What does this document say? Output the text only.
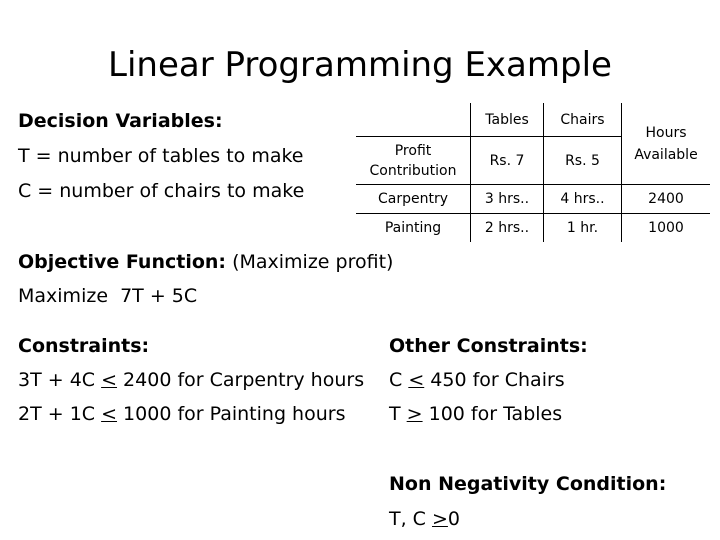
Linear Programming Example
Decision Variables:
T = number of tables to make
C = number of chairs to make
	Tables	Chairs	Hours Available

Profit Contribution	Rs. 7	Rs. 5	
Carpentry	3 hrs..	4 hrs..	2400
Painting	2 hrs..	1 hr.	1000
Objective Function: (Maximize profit)
Maximize  7T + 5C
Constraints:
3T + 4C ≤ 2400 for Carpentry hours
2T + 1C ≤ 1000 for Painting hours
Other Constraints:
C ≤ 450 for Chairs
T ≥ 100 for Tables
Non Negativity Condition:
T, C ≥0
